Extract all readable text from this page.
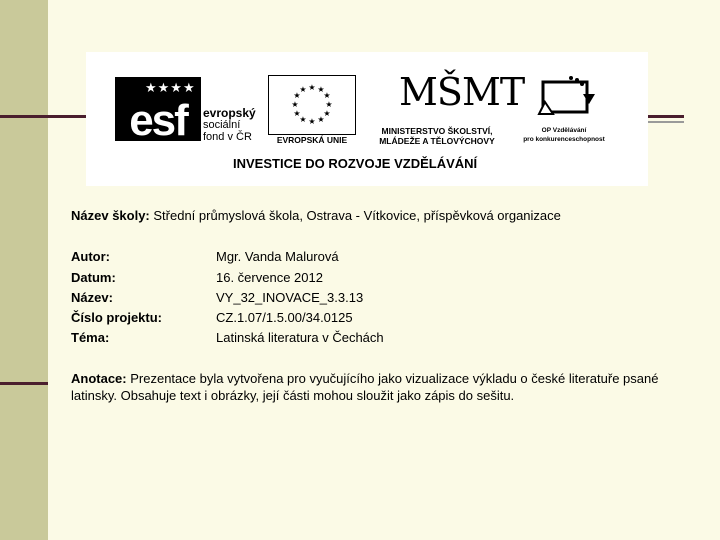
★★★★
esf	evropský
sociální
fond v ČR
★ ★
★
★
★
★
★
★
★
★
★
★
EVROPSKÁ UNIE
MŠMT
MINISTERSTVO ŠKOLSTVÍ,
MLÁDEŽE A TĚLOVÝCHOVY
OP Vzdělávání
pro konkurenceschopnost
INVESTICE DO ROZVOJE VZDĚLÁVÁNÍ
Název školy: Střední průmyslová škola, Ostrava - Vítkovice, příspěvková organizace
Autor:	Mgr. Vanda Malurová
Datum:	16. července 2012
Název:	VY_32_INOVACE_3.3.13
Číslo projektu:	CZ.1.07/1.5.00/34.0125
Téma:	Latinská literatura v Čechách
Anotace: Prezentace byla vytvořena pro vyučujícího jako vizualizace výkladu o české literatuře psané latinsky. Obsahuje text i obrázky, její části mohou sloužit jako zápis do sešitu.
